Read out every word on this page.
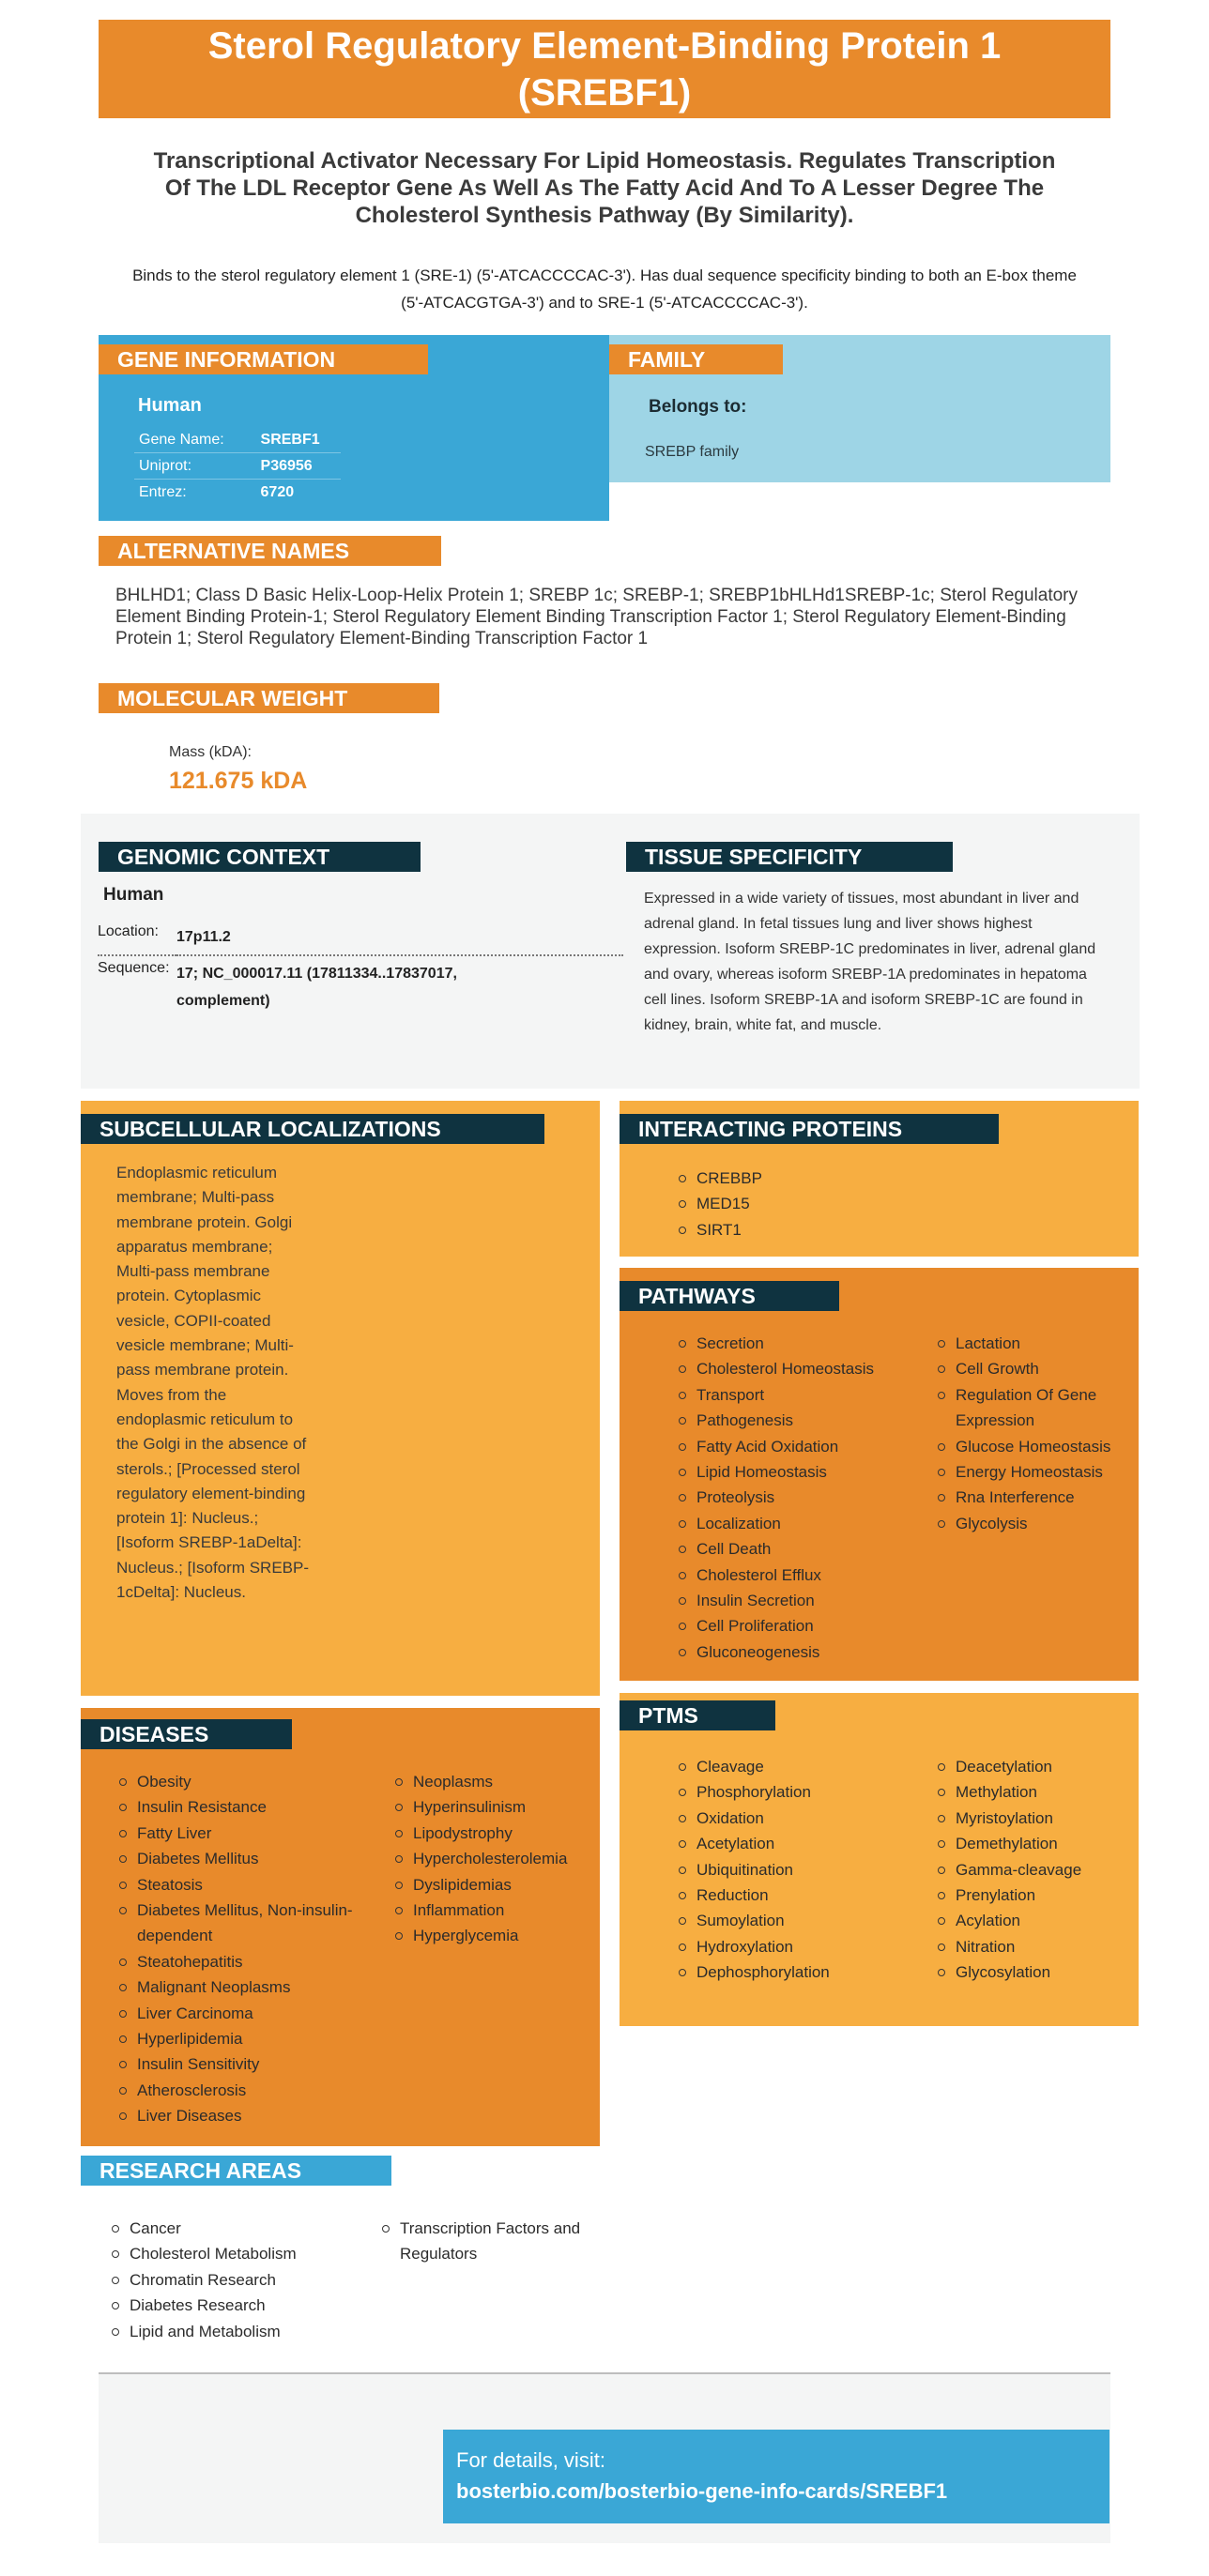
Sterol Regulatory Element-Binding Protein 1 (SREBF1)

Transcriptional Activator Necessary For Lipid Homeostasis. Regulates Transcription Of The LDL Receptor Gene As Well As The Fatty Acid And To A Lesser Degree The Cholesterol Synthesis Pathway (By Similarity).

Binds to the sterol regulatory element 1 (SRE-1) (5'-ATCACCCCAC-3'). Has dual sequence specificity binding to both an E-box theme (5'-ATCACGTGA-3') and to SRE-1 (5'-ATCACCCCAC-3').

GENE INFORMATION
Human
Gene Name:	SREBF1
Uniprot:	P36956
Entrez:	6720
FAMILY
Belongs to:
SREBP family
ALTERNATIVE NAMES

BHLHD1; Class D Basic Helix-Loop-Helix Protein 1; SREBP 1c; SREBP-1; SREBP1bHLHd1SREBP-1c; Sterol Regulatory Element Binding Protein-1; Sterol Regulatory Element Binding Transcription Factor 1; Sterol Regulatory Element-Binding Protein 1; Sterol Regulatory Element-Binding Transcription Factor 1

MOLECULAR WEIGHT
Mass (kDA):
121.675 kDA
GENOMIC CONTEXT
Human
Location:	17p11.2
Sequence:	17; NC_000017.11 (17811334..17837017, complement)
TISSUE SPECIFICITY

Expressed in a wide variety of tissues, most abundant in liver and adrenal gland. In fetal tissues lung and liver shows highest expression. Isoform SREBP-1C predominates in liver, adrenal gland and ovary, whereas isoform SREBP-1A predominates in hepatoma cell lines. Isoform SREBP-1A and isoform SREBP-1C are found in kidney, brain, white fat, and muscle.

SUBCELLULAR LOCALIZATIONS

Endoplasmic reticulum membrane; Multi-pass membrane protein. Golgi apparatus membrane; Multi-pass membrane protein. Cytoplasmic vesicle, COPII-coated vesicle membrane; Multi-pass membrane protein. Moves from the endoplasmic reticulum to the Golgi in the absence of sterols.; [Processed sterol regulatory element-binding protein 1]: Nucleus.; [Isoform SREBP-1aDelta]: Nucleus.; [Isoform SREBP-1cDelta]: Nucleus.

INTERACTING PROTEINS
CREBBP
MED15
SIRT1
PATHWAYS
Secretion
Cholesterol Homeostasis
Transport
Pathogenesis
Fatty Acid Oxidation
Lipid Homeostasis
Proteolysis
Localization
Cell Death
Cholesterol Efflux
Insulin Secretion
Cell Proliferation
Gluconeogenesis
Lactation
Cell Growth
Regulation Of Gene Expression
Glucose Homeostasis
Energy Homeostasis
Rna Interference
Glycolysis
DISEASES
Obesity
Insulin Resistance
Fatty Liver
Diabetes Mellitus
Steatosis
Diabetes Mellitus, Non-insulin-dependent
Steatohepatitis
Malignant Neoplasms
Liver Carcinoma
Hyperlipidemia
Insulin Sensitivity
Atherosclerosis
Liver Diseases
Neoplasms
Hyperinsulinism
Lipodystrophy
Hypercholesterolemia
Dyslipidemias
Inflammation
Hyperglycemia
PTMS
Cleavage
Phosphorylation
Oxidation
Acetylation
Ubiquitination
Reduction
Sumoylation
Hydroxylation
Dephosphorylation
Deacetylation
Methylation
Myristoylation
Demethylation
Gamma-cleavage
Prenylation
Acylation
Nitration
Glycosylation
RESEARCH AREAS
Cancer
Cholesterol Metabolism
Chromatin Research
Diabetes Research
Lipid and Metabolism
Transcription Factors and Regulators
For details, visit:
bosterbio.com/bosterbio-gene-info-cards/SREBF1
